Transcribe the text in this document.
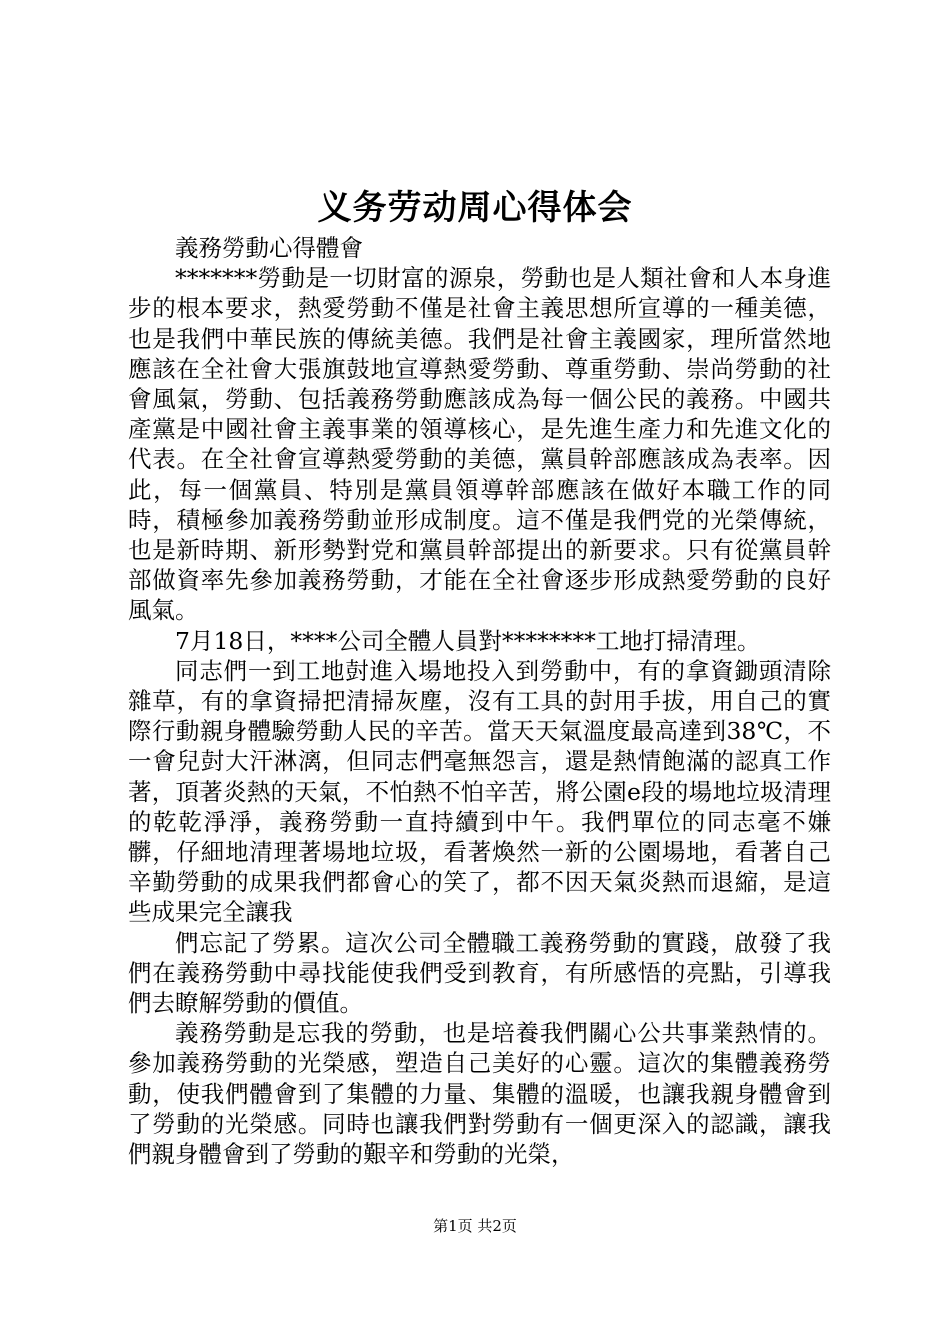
义务劳动周心得体会

義務勞動心得體會

*******勞動是一切財富的源泉，勞動也是人類社會和人本身進步的根本要求，熱愛勞動不僅是社會主義思想所宣導的一種美德，也是我們中華民族的傳統美德。我們是社會主義國家，理所當然地應該在全社會大張旗鼓地宣導熱愛勞動、尊重勞動、崇尚勞動的社會風氣，勞動、包括義務勞動應該成為每一個公民的義務。中國共產黨是中國社會主義事業的領導核心，是先進生產力和先進文化的代表。在全社會宣導熱愛勞動的美德，黨員幹部應該成為表率。因此，每一個黨員、特別是黨員領導幹部應該在做好本職工作的同時，積極參加義務勞動並形成制度。這不僅是我們党的光榮傳統，也是新時期、新形勢對党和黨員幹部提出的新要求。只有從黨員幹部做資率先參加義務勞動，才能在全社會逐步形成熱愛勞動的良好風氣。

7月18日，****公司全體人員對********工地打掃清理。

同志們一到工地尌進入場地投入到勞動中，有的拿資鋤頭清除雜草，有的拿資掃把清掃灰塵，沒有工具的尌用手拔，用自己的實際行動親身體驗勞動人民的辛苦。當天天氣溫度最高達到38℃，不一會兒尌大汗淋漓，但同志們毫無怨言，還是熱情飽滿的認真工作著，頂著炎熱的天氣，不怕熱不怕辛苦，將公園e段的場地垃圾清理的乾乾淨淨，義務勞動一直持續到中午。我們單位的同志毫不嫌髒，仔細地清理著場地垃圾，看著煥然一新的公園場地，看著自己辛勤勞動的成果我們都會心的笑了，都不因天氣炎熱而退縮，是這些成果完全讓我

們忘記了勞累。這次公司全體職工義務勞動的實踐，啟發了我們在義務勞動中尋找能使我們受到教育，有所感悟的亮點，引導我們去瞭解勞動的價值。

義務勞動是忘我的勞動，也是培養我們關心公共事業熱情的。參加義務勞動的光榮感，塑造自己美好的心靈。這次的集體義務勞動，使我們體會到了集體的力量、集體的溫暖，也讓我親身體會到了勞動的光榮感。同時也讓我們對勞動有一個更深入的認識，讓我們親身體會到了勞動的艱辛和勞動的光榮，

第1页 共2页
